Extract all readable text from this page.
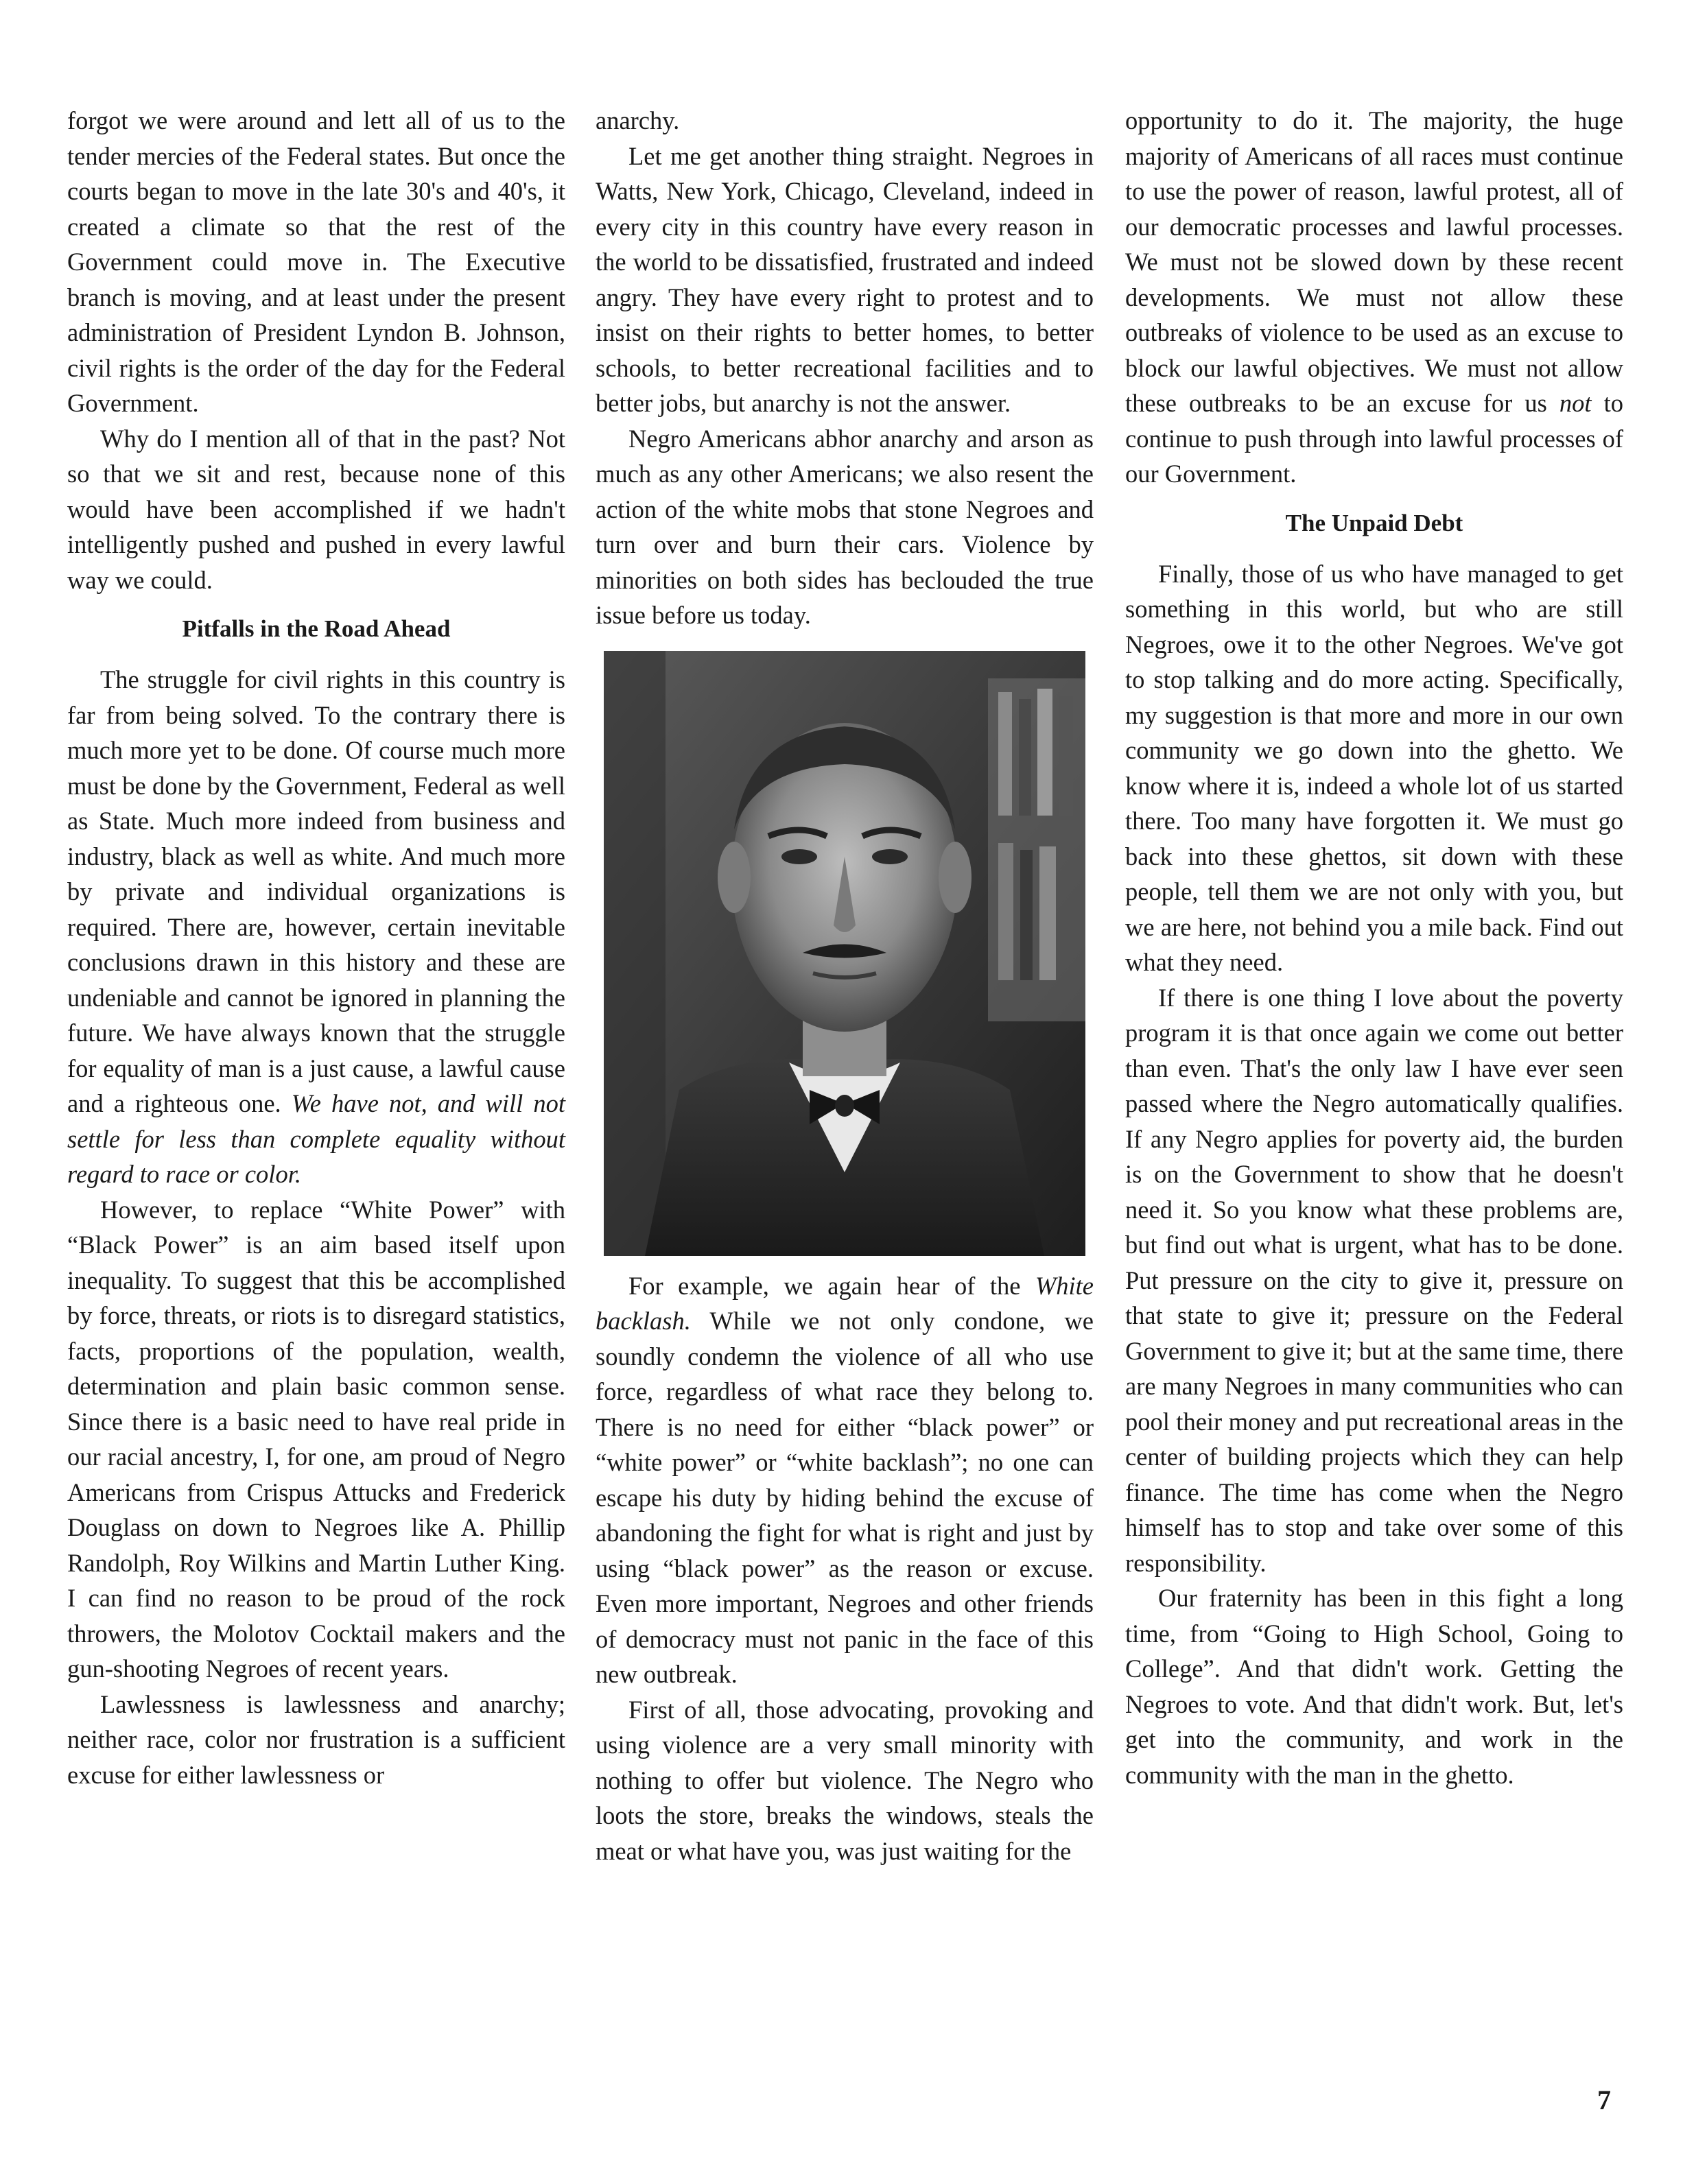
forgot we were around and lett all of us to the tender mercies of the Federal states. But once the courts began to move in the late 30's and 40's, it created a climate so that the rest of the Government could move in. The Executive branch is moving, and at least under the present administration of President Lyndon B. Johnson, civil rights is the order of the day for the Federal Government.

Why do I mention all of that in the past? Not so that we sit and rest, because none of this would have been accomplished if we hadn't intelligently pushed and pushed in every lawful way we could.

Pitfalls in the Road Ahead

The struggle for civil rights in this country is far from being solved. To the contrary there is much more yet to be done. Of course much more must be done by the Government, Federal as well as State. Much more indeed from business and industry, black as well as white. And much more by private and individual organizations is required. There are, however, certain inevitable conclusions drawn in this history and these are undeniable and cannot be ignored in planning the future. We have always known that the struggle for equality of man is a just cause, a lawful cause and a righteous one. We have not, and will not settle for less than complete equality without regard to race or color.

However, to replace “White Power” with “Black Power” is an aim based itself upon inequality. To suggest that this be accomplished by force, threats, or riots is to disregard statistics, facts, proportions of the population, wealth, determination and plain basic common sense. Since there is a basic need to have real pride in our racial ancestry, I, for one, am proud of Negro Americans from Crispus Attucks and Frederick Douglass on down to Negroes like A. Phillip Randolph, Roy Wilkins and Martin Luther King. I can find no reason to be proud of the rock throwers, the Molotov Cocktail makers and the gun-shooting Negroes of recent years.

Lawlessness is lawlessness and anarchy; neither race, color nor frustration is a sufficient excuse for either lawlessness or

anarchy.

Let me get another thing straight. Negroes in Watts, New York, Chicago, Cleveland, indeed in every city in this country have every reason in the world to be dissatisfied, frustrated and indeed angry. They have every right to protest and to insist on their rights to better homes, to better schools, to better recreational facilities and to better jobs, but anarchy is not the answer.

Negro Americans abhor anarchy and arson as much as any other Americans; we also resent the action of the white mobs that stone Negroes and turn over and burn their cars. Violence by minorities on both sides has beclouded the true issue before us today.

For example, we again hear of the White backlash. While we not only condone, we soundly condemn the violence of all who use force, regardless of what race they belong to. There is no need for either “black power” or “white power” or “white backlash”; no one can escape his duty by hiding behind the excuse of abandoning the fight for what is right and just by using “black power” as the reason or excuse. Even more important, Negroes and other friends of democracy must not panic in the face of this new outbreak.

First of all, those advocating, provoking and using violence are a very small minority with nothing to offer but violence. The Negro who loots the store, breaks the windows, steals the meat or what have you, was just waiting for the

opportunity to do it. The majority, the huge majority of Americans of all races must continue to use the power of reason, lawful protest, all of our democratic processes and lawful processes. We must not be slowed down by these recent developments. We must not allow these outbreaks of violence to be used as an excuse to block our lawful objectives. We must not allow these outbreaks to be an excuse for us not to continue to push through into lawful processes of our Government.

The Unpaid Debt

Finally, those of us who have managed to get something in this world, but who are still Negroes, owe it to the other Negroes. We've got to stop talking and do more acting. Specifically, my suggestion is that more and more in our own community we go down into the ghetto. We know where it is, indeed a whole lot of us started there. Too many have forgotten it. We must go back into these ghettos, sit down with these people, tell them we are not only with you, but we are here, not behind you a mile back. Find out what they need.

If there is one thing I love about the poverty program it is that once again we come out better than even. That's the only law I have ever seen passed where the Negro automatically qualifies. If any Negro applies for poverty aid, the burden is on the Government to show that he doesn't need it. So you know what these problems are, but find out what is urgent, what has to be done. Put pressure on the city to give it, pressure on that state to give it; pressure on the Federal Government to give it; but at the same time, there are many Negroes in many communities who can pool their money and put recreational areas in the center of building projects which they can help finance. The time has come when the Negro himself has to stop and take over some of this responsibility.

Our fraternity has been in this fight a long time, from “Going to High School, Going to College”. And that didn't work. Getting the Negroes to vote. And that didn't work. But, let's get into the community, and work in the community with the man in the ghetto.

7
